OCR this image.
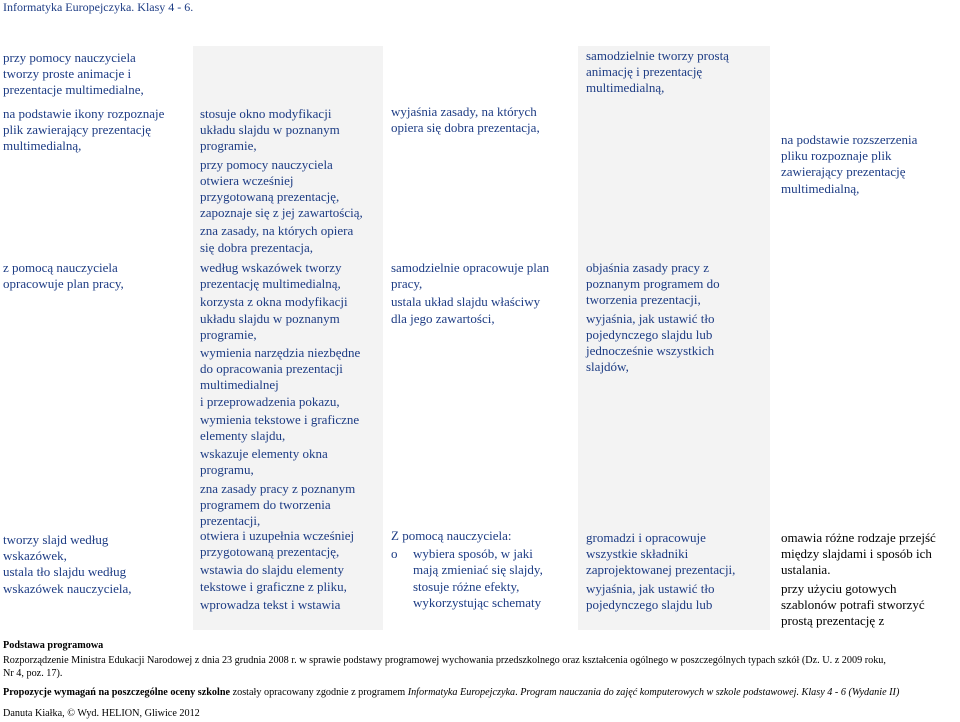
Informatyka Europejczyka. Klasy 4 - 6.

przy pomocy nauczyciela

tworzy proste animacje i

prezentacje multimedialne,

samodzielnie tworzy prostą

animację i prezentację

multimedialną,

na podstawie ikony rozpoznaje

plik zawierający prezentację

multimedialną,

stosuje okno modyfikacji

układu slajdu w poznanym

programie,

przy pomocy nauczyciela

otwiera wcześniej

przygotowaną prezentację,

zapoznaje się z jej zawartością,

zna zasady, na których opiera

się dobra prezentacja,

wyjaśnia zasady, na których

opiera się dobra prezentacja,

na podstawie rozszerzenia

pliku rozpoznaje plik

zawierający prezentację

multimedialną,

z pomocą nauczyciela

opracowuje plan pracy,

według wskazówek tworzy

prezentację multimedialną,

korzysta z okna modyfikacji

układu slajdu w poznanym

programie,

wymienia narzędzia niezbędne

do opracowania prezentacji

multimedialnej

i przeprowadzenia pokazu,

wymienia tekstowe i graficzne

elementy slajdu,

wskazuje elementy okna

programu,

zna zasady pracy z poznanym

programem do tworzenia

prezentacji,

samodzielnie opracowuje plan

pracy,

ustala układ slajdu właściwy

dla jego zawartości,

objaśnia zasady pracy z

poznanym programem do

tworzenia prezentacji,

wyjaśnia, jak ustawić tło

pojedynczego slajdu lub

jednocześnie wszystkich

slajdów,

tworzy slajd według

wskazówek,

ustala tło slajdu według

wskazówek nauczyciela,

otwiera i uzupełnia wcześniej

przygotowaną prezentację,

wstawia do slajdu elementy

tekstowe i graficzne z pliku,

wprowadza tekst i wstawia

Z pomocą nauczyciela:

o wybiera sposób, w jaki
mają zmieniać się slajdy,
stosuje różne efekty,
wykorzystując schematy

gromadzi i opracowuje

wszystkie składniki

zaprojektowanej prezentacji,

wyjaśnia, jak ustawić tło

pojedynczego slajdu lub

omawia różne rodzaje przejść

między slajdami i sposób ich

ustalania.

przy użyciu gotowych

szablonów potrafi stworzyć

prostą prezentację z

Podstawa programowa
Rozporządzenie Ministra Edukacji Narodowej z dnia 23 grudnia 2008 r. w sprawie podstawy programowej wychowania przedszkolnego oraz kształcenia ogólnego w poszczególnych typach szkół (Dz. U. z 2009 roku,
Nr 4, poz. 17).
Propozycje wymagań na poszczególne oceny szkolne zostały opracowany zgodnie z programem Informatyka Europejczyka. Program nauczania do zajęć komputerowych w szkole podstawowej. Klasy 4 - 6 (Wydanie II)
Danuta Kiałka, © Wyd. HELION, Gliwice 2012
